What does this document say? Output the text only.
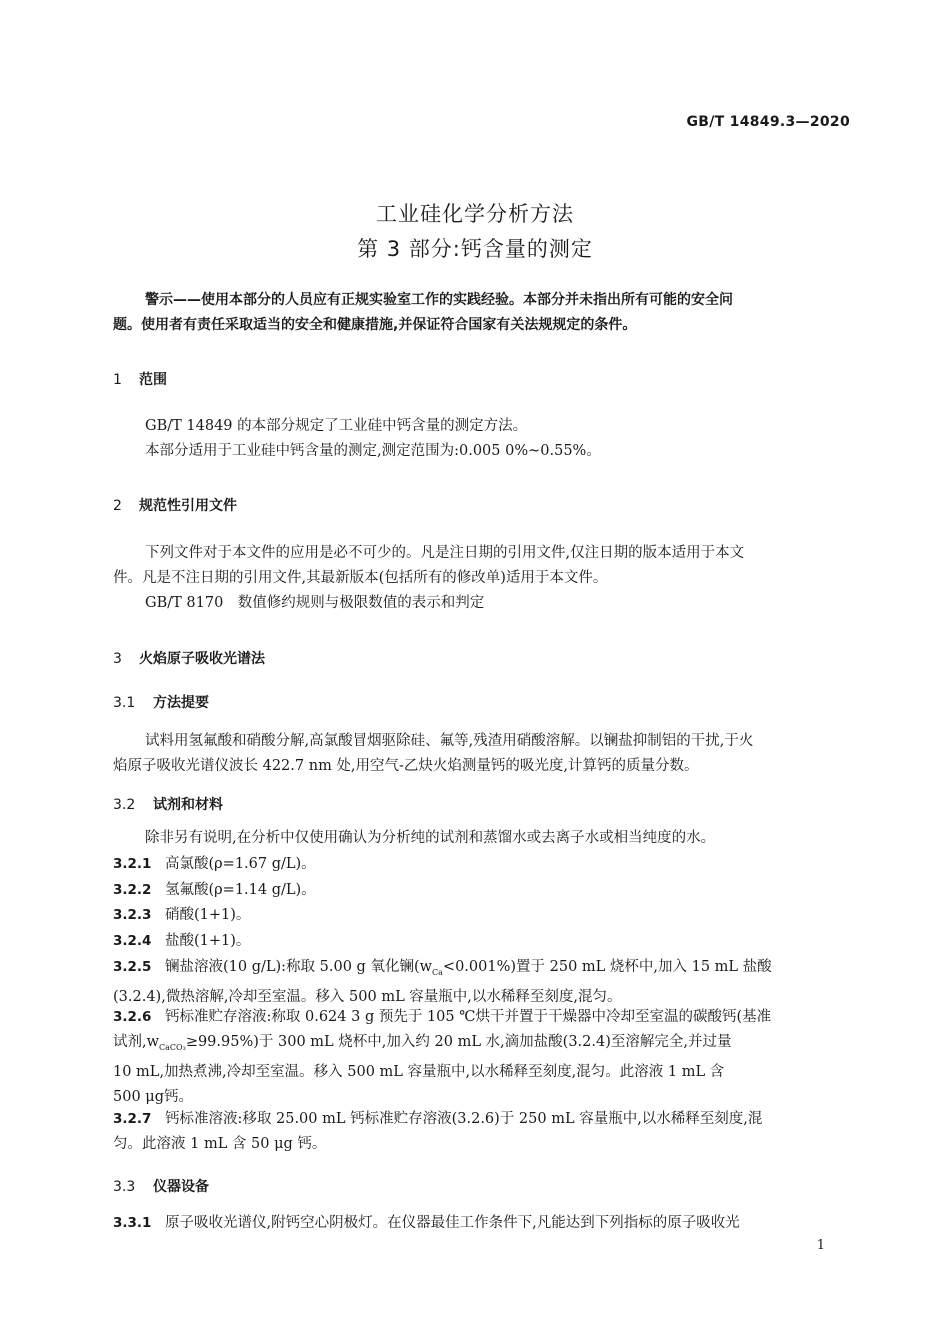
GB/T 14849.3—2020
工业硅化学分析方法
第 3 部分:钙含量的测定
警示——使用本部分的人员应有正规实验室工作的实践经验。本部分并未指出所有可能的安全问
题。使用者有责任采取适当的安全和健康措施,并保证符合国家有关法规规定的条件。
1 范围
GB/T 14849 的本部分规定了工业硅中钙含量的测定方法。
本部分适用于工业硅中钙含量的测定,测定范围为:0.005 0%~0.55%。
2 规范性引用文件
下列文件对于本文件的应用是必不可少的。凡是注日期的引用文件,仅注日期的版本适用于本文
件。凡是不注日期的引用文件,其最新版本(包括所有的修改单)适用于本文件。
GB/T 8170　数值修约规则与极限数值的表示和判定
3 火焰原子吸收光谱法
3.1 方法提要
试料用氢氟酸和硝酸分解,高氯酸冒烟驱除硅、氟等,残渣用硝酸溶解。以镧盐抑制铝的干扰,于火
焰原子吸收光谱仪波长 422.7 nm 处,用空气-乙炔火焰测量钙的吸光度,计算钙的质量分数。
3.2 试剂和材料
除非另有说明,在分析中仅使用确认为分析纯的试剂和蒸馏水或去离子水或相当纯度的水。
3.2.1 高氯酸(ρ=1.67 g/L)。
3.2.2 氢氟酸(ρ=1.14 g/L)。
3.2.3 硝酸(1+1)。
3.2.4 盐酸(1+1)。
3.2.5 镧盐溶液(10 g/L):称取 5.00 g 氧化镧$(w_{Ca}<0.001\%)$置于 250 mL 烧杯中,加入 15 mL 盐酸
(3.2.4),微热溶解,冷却至室温。移入 500 mL 容量瓶中,以水稀释至刻度,混匀。
3.2.6 钙标准贮存溶液:称取 0.624 3 g 预先于 105 ℃烘干并置于干燥器中冷却至室温的碳酸钙(基准
试剂$,w_{CaCO_3}\ge 99.95\%$)于 300 mL 烧杯中,加入约 20 mL 水,滴加盐酸(3.2.4)至溶解完全,并过量
10 mL,加热煮沸,冷却至室温。移入 500 mL 容量瓶中,以水稀释至刻度,混匀。此溶液 1 mL 含
500 μg钙。
3.2.7 钙标准溶液:移取 25.00 mL 钙标准贮存溶液(3.2.6)于 250 mL 容量瓶中,以水稀释至刻度,混
匀。此溶液 1 mL 含 50 μg 钙。
3.3 仪器设备
3.3.1 原子吸收光谱仪,附钙空心阴极灯。在仪器最佳工作条件下,凡能达到下列指标的原子吸收光
1
